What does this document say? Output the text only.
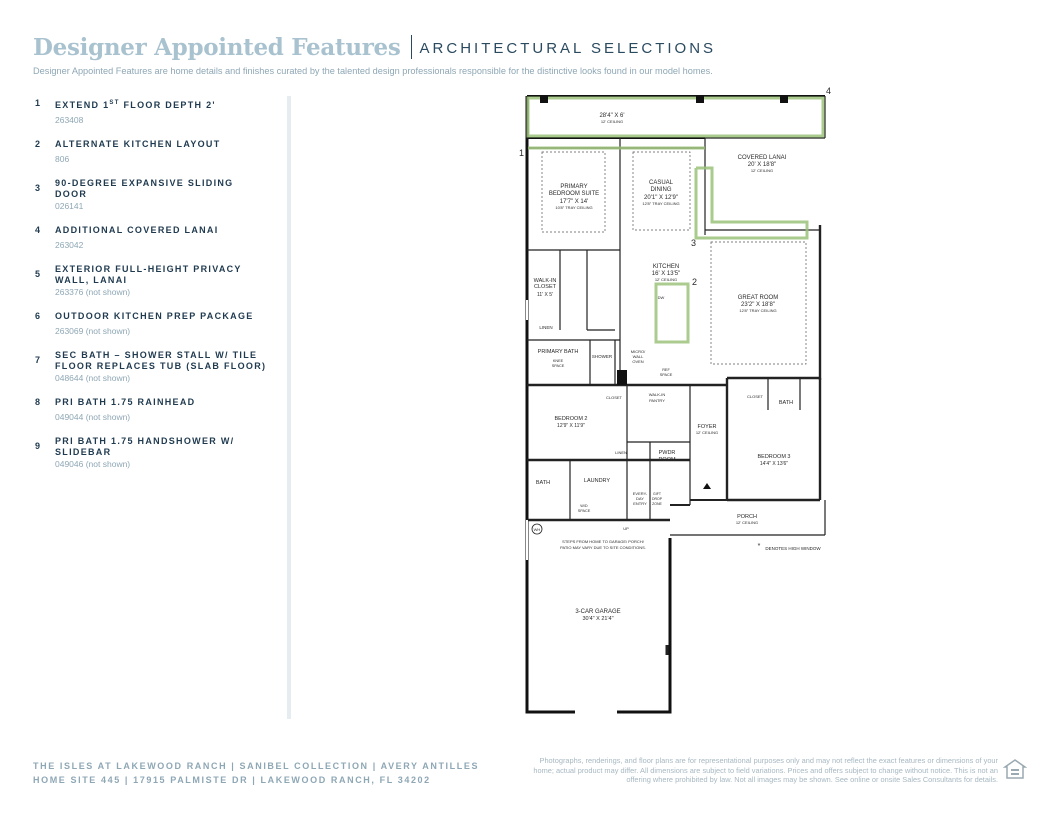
Designer Appointed Features ARCHITECTURAL SELECTIONS
Designer Appointed Features are home details and finishes curated by the talented design professionals responsible for the distinctive looks found in our model homes.
1 EXTEND 1ST FLOOR DEPTH 2'
263408
2 ALTERNATE KITCHEN LAYOUT
806
3 90-DEGREE EXPANSIVE SLIDING DOOR
026141
4 ADDITIONAL COVERED LANAI
263042
5 EXTERIOR FULL-HEIGHT PRIVACY WALL, LANAI
263376 (not shown)
6 OUTDOOR KITCHEN PREP PACKAGE
263069 (not shown)
7 SEC BATH – SHOWER STALL W/ TILE FLOOR REPLACES TUB (SLAB FLOOR)
048644 (not shown)
8 PRI BATH 1.75 RAINHEAD
049044 (not shown)
9 PRI BATH 1.75 HANDSHOWER W/ SLIDEBAR
049046 (not shown)
1
2
3
4
28'4" X 6'
12' CEILING
COVERED LANAI
20' X 18'8"
12' CEILING
PRIMARY
BEDROOM SUITE
17'7" X 14'
10'8" TRAY CEILING
CASUAL
DINING
20'1" X 12'9"
12'8" TRAY CEILING
KITCHEN
16' X 13'5"
12' CEILING
DW	GREAT ROOM
23'2" X 18'8"
12'8" TRAY CEILING
WALK-IN
CLOSET
11' X 5'
LINEN
PRIMARY BATH
KNEE
SPACE
SHOWER
MICRO/
WALL
OVEN
REF
SPACE
CLOSET
WALK-IN
PANTRY
CLOSET
BATH
BEDROOM 2
12'9" X 11'9"	FOYER
12' CEILING
BEDROOM 3
14'4" X 13'6"
LINEN	PWDR
ROOM
BATH	LAUNDRY
W/D
SPACE
EVERY-
DAY
ENTRY
GIFT
DROP
ZONE
PORCH
12' CEILING
WH	UP
STEPS FROM HOME TO GARAGE/ PORCH/
PATIO MAY VARY DUE TO SITE CONDITIONS.	DENOTES HIGH WINDOW
*
3-CAR GARAGE
30'4" X 21'4"
THE ISLES AT LAKEWOOD RANCH | SANIBEL COLLECTION | AVERY ANTILLES
HOME SITE 445 | 17915 PALMISTE DR | LAKEWOOD RANCH, FL 34202
Photographs, renderings, and floor plans are for representational purposes only and may not reflect the exact features or dimensions of your home; actual product may differ. All dimensions are subject to field variations. Prices and offers subject to change without notice. This is not an offering where prohibited by law. Not all images may be shown. See online or onsite Sales Consultants for details.
